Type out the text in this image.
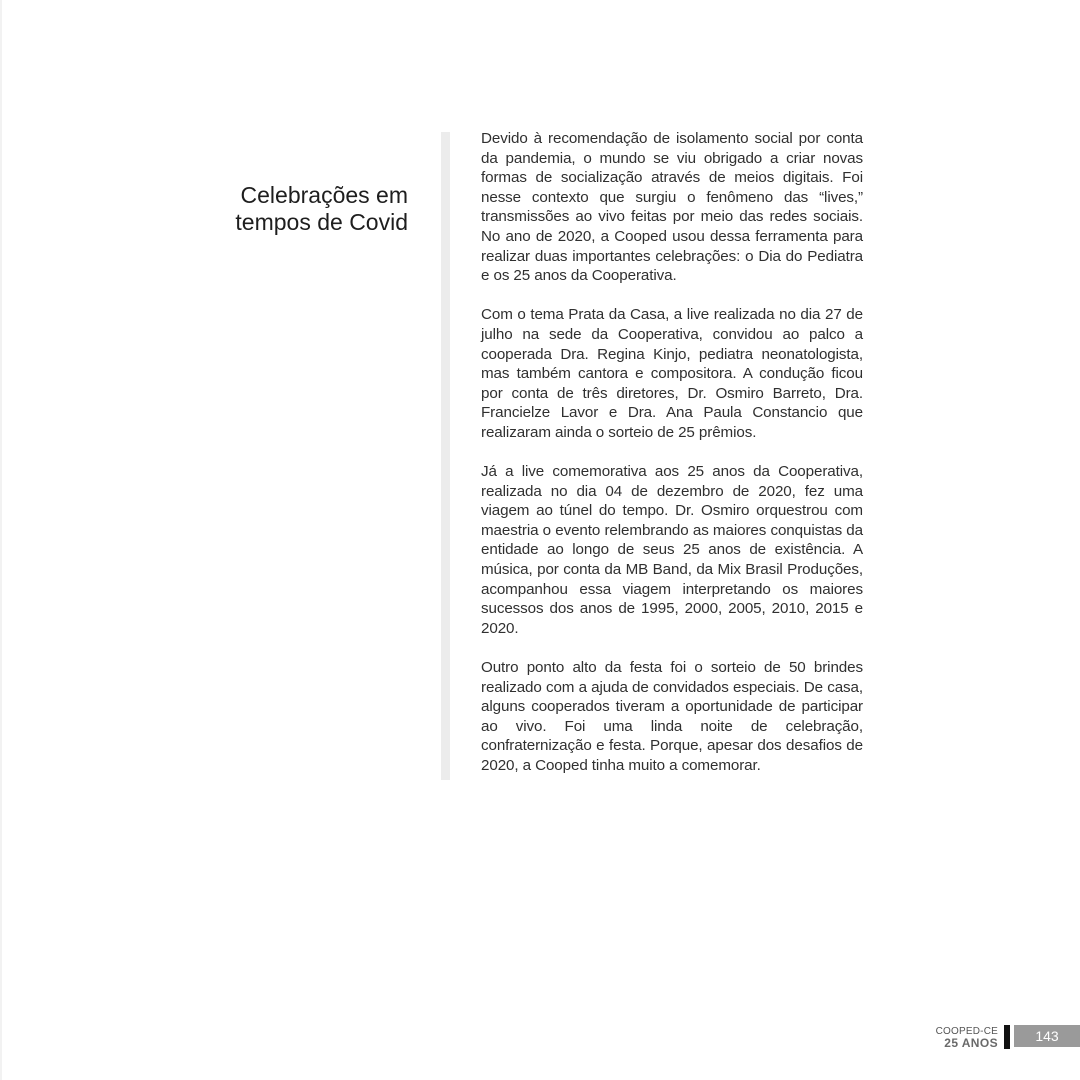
Celebrações em
tempos de Covid

Devido à recomendação de isolamento social por conta da pandemia, o mundo se viu obrigado a criar novas formas de socialização através de meios digitais. Foi nesse contexto que surgiu o fenômeno das “lives,” transmissões ao vivo feitas por meio das redes sociais. No ano de 2020, a Cooped usou dessa ferramenta para realizar duas importantes celebrações: o Dia do Pediatra e os 25 anos da Cooperativa.

Com o tema Prata da Casa, a live realizada no dia 27 de julho na sede da Cooperativa, convidou ao palco a cooperada Dra. Regina Kinjo, pediatra neonatologista, mas também cantora e compositora. A condução ficou por conta de três diretores, Dr. Osmiro Barreto, Dra. Francielze Lavor e Dra. Ana Paula Constancio que realizaram ainda o sorteio de 25 prêmios.

Já a live comemorativa aos 25 anos da Cooperativa, realizada no dia 04 de dezembro de 2020, fez uma viagem ao túnel do tempo. Dr. Osmiro orquestrou com maestria o evento relembrando as maiores conquistas da entidade ao longo de seus 25 anos de existência. A música, por conta da MB Band, da Mix Brasil Produções, acompanhou essa viagem interpretando os maiores sucessos dos anos de 1995, 2000, 2005, 2010, 2015 e 2020.

Outro ponto alto da festa foi o sorteio de 50 brindes realizado com a ajuda de convidados especiais. De casa, alguns cooperados tiveram a oportunidade de participar ao vivo. Foi uma linda noite de celebração, confraternização e festa. Porque, apesar dos desafios de 2020, a Cooped tinha muito a comemorar.

COOPED-CE
25 ANOS	143
